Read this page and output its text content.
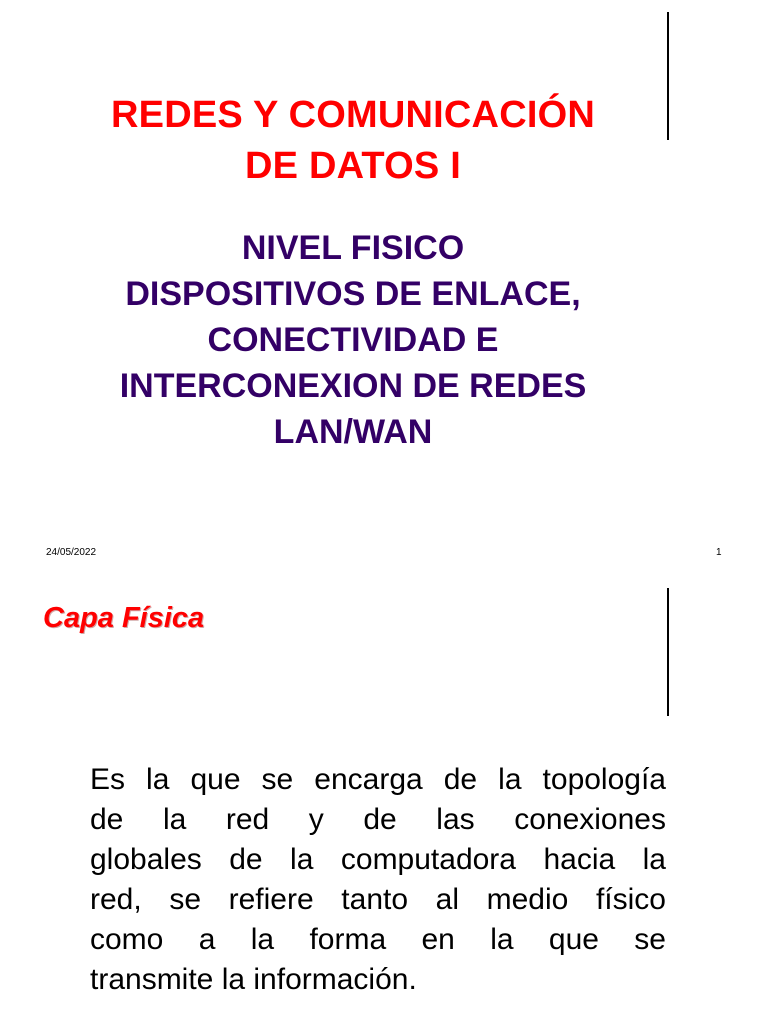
REDES Y COMUNICACIÓN
DE DATOS I
NIVEL FISICO
DISPOSITIVOS DE ENLACE,
CONECTIVIDAD E
INTERCONEXION DE REDES
LAN/WAN
24/05/2022	1
Capa Física

Es la que se encarga de la topología
de la red y de las conexiones
globales de la computadora hacia la
red, se refiere tanto al medio físico
como a la forma en la que se
transmite la información.
